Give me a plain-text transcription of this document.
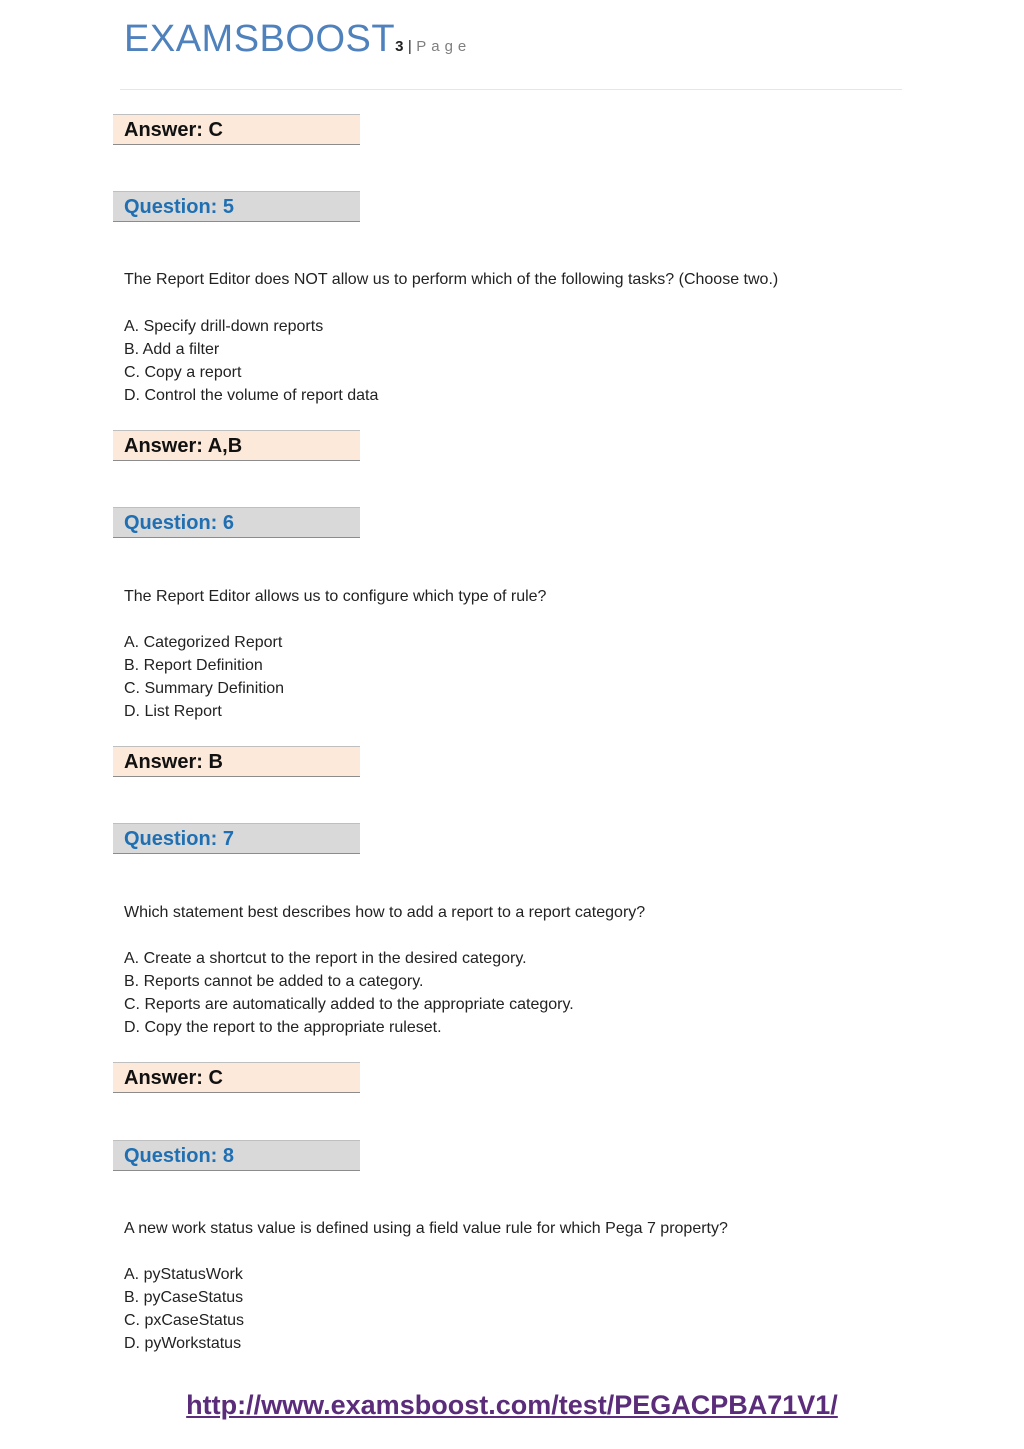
EXAMSBOOST3 | Page
Answer: C
Question: 5
The Report Editor does NOT allow us to perform which of the following tasks? (Choose two.)
A. Specify drill-down reports
B. Add a filter
C. Copy a report
D. Control the volume of report data
Answer: A,B
Question: 6
The Report Editor allows us to configure which type of rule?
A. Categorized Report
B. Report Definition
C. Summary Definition
D. List Report
Answer: B
Question: 7
Which statement best describes how to add a report to a report category?
A. Create a shortcut to the report in the desired category.
B. Reports cannot be added to a category.
C. Reports are automatically added to the appropriate category.
D. Copy the report to the appropriate ruleset.
Answer: C
Question: 8
A new work status value is defined using a field value rule for which Pega 7 property?
A. pyStatusWork
B. pyCaseStatus
C. pxCaseStatus
D. pyWorkstatus
http://www.examsboost.com/test/PEGACPBA71V1/
